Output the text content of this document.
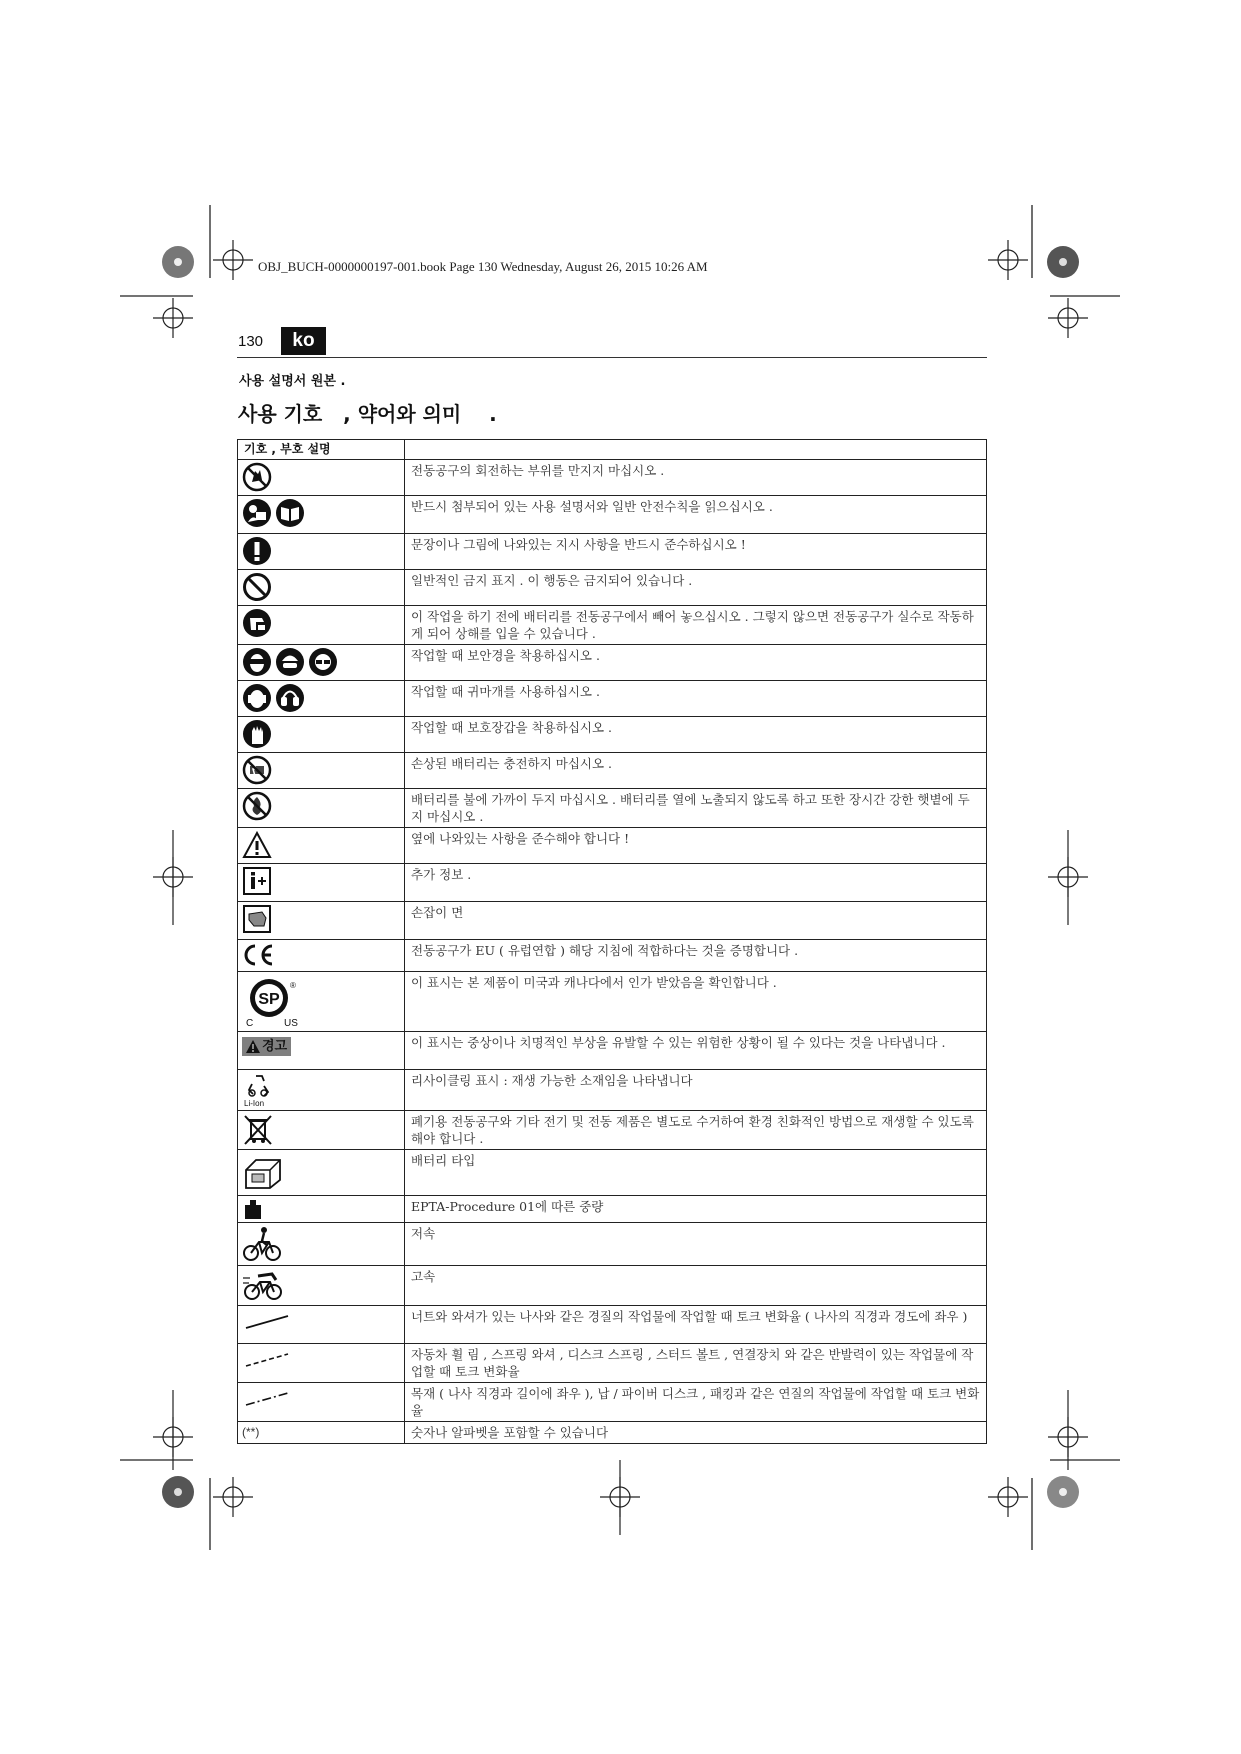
OBJ_BUCH-0000000197-001.book Page 130 Wednesday, August 26, 2015 10:26 AM
130	ko
사용 설명서 원본 .
사용 기호   , 약어와 의미    .
기호 , 부호 설명	

	전동공구의 회전하는 부위를 만지지 마십시오 .

	반드시 첨부되어 있는 사용 설명서와 일반 안전수칙을 읽으십시오 .

	문장이나 그림에 나와있는 지시 사항을 반드시 준수하십시오 !

	일반적인 금지 표지 . 이 행동은 금지되어 있습니다 .

	이 작업을 하기 전에 배터리를 전동공구에서 빼어 놓으십시오 . 그렇지 않으면 전동공구가 실수로 작동하게 되어 상해를 입을 수 있습니다 .

	작업할 때 보안경을 착용하십시오 .

	작업할 때 귀마개를 사용하십시오 .

	작업할 때 보호장갑을 착용하십시오 .

	손상된 배터리는 충전하지 마십시오 .

	배터리를 불에 가까이 두지 마십시오 . 배터리를 열에 노출되지 않도록 하고 또한 장시간 강한 햇볕에 두지 마십시오 .

	옆에 나와있는 사항을 준수해야 합니다 !

	추가 정보 .

	손잡이 면

	전동공구가 EU ( 유럽연합 ) 해당 지침에 적합하다는 것을 증명합니다 .

SP
C US
®	이 표시는 본 제품이 미국과 캐나다에서 인가 받았음을 확인합니다 .

경고	이 표시는 중상이나 치명적인 부상을 유발할 수 있는 위험한 상황이 될 수 있다는 것을 나타냅니다 .

Li-Ion	리사이클링 표시 : 재생 가능한 소재임을 나타냅니다

	폐기용 전동공구와 기타 전기 및 전동 제품은 별도로 수거하여 환경 친화적인 방법으로 재생할 수 있도록 해야 합니다 .

	배터리 타입

	EPTA-Procedure 01에 따른 중량

	저속

	고속

	너트와 와셔가 있는 나사와 같은 경질의 작업물에 작업할 때 토크 변화율 ( 나사의 직경과 경도에 좌우 )

	자동차 휠 림 , 스프링 와셔 , 디스크 스프링 , 스터드 볼트 , 연결장치 와 같은 반발력이 있는 작업물에 작업할 때 토크 변화율

	목재 ( 나사 직경과 길이에 좌우 ), 납 / 파이버 디스크 , 패킹과 같은 연질의 작업물에 작업할 때 토크 변화율
(**)	숫자나 알파벳을 포함할 수 있습니다
